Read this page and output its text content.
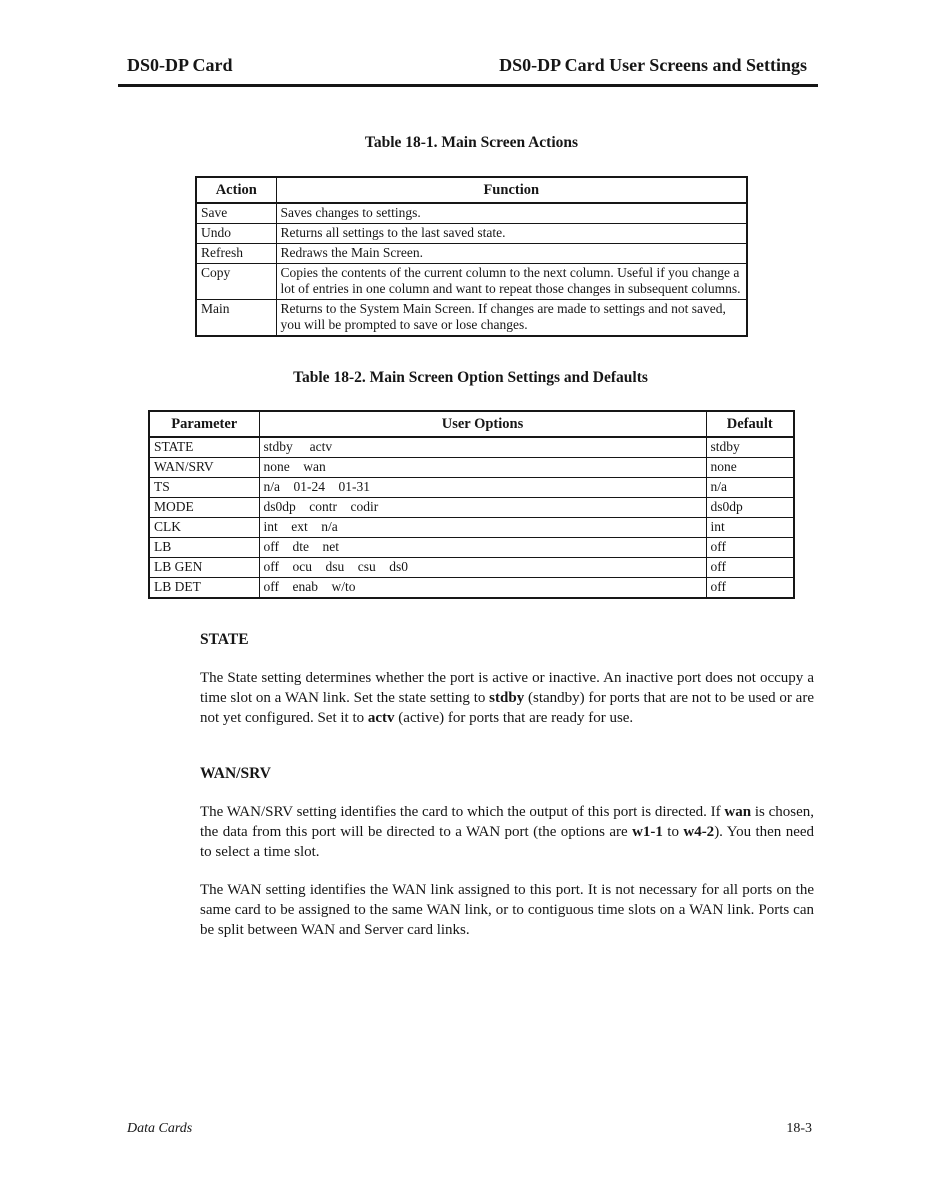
DS0-DP Card	DS0-DP Card User Screens and Settings
Table 18-1. Main Screen Actions
Action	Function
Save	Saves changes to settings.
Undo	Returns all settings to the last saved state.
Refresh	Redraws the Main Screen.
Copy	Copies the contents of the current column to the next column. Useful if you change a lot of entries in one column and want to repeat those changes in subsequent columns.
Main	Returns to the System Main Screen. If changes are made to settings and not saved, you will be prompted to save or lose changes.
Table 18-2. Main Screen Option Settings and Defaults
Parameter	User Options	Default
STATE	stdby     actv	stdby
WAN/SRV	none    wan	none
TS	n/a    01-24    01-31	n/a
MODE	ds0dp    contr    codir	ds0dp
CLK	int    ext    n/a	int
LB	off    dte    net	off
LB GEN	off    ocu    dsu    csu    ds0	off
LB DET	off    enab    w/to	off
STATE

The State setting determines whether the port is active or inactive. An inactive port does not occupy a time slot on a WAN link. Set the state setting to stdby (standby) for ports that are not to be used or are not yet configured. Set it to actv (active) for ports that are ready for use.

WAN/SRV

The WAN/SRV setting identifies the card to which the output of this port is directed. If wan is chosen, the data from this port will be directed to a WAN port (the options are w1-1 to w4-2). You then need to select a time slot.

The WAN setting identifies the WAN link assigned to this port. It is not necessary for all ports on the same card to be assigned to the same WAN link, or to contiguous time slots on a WAN link. Ports can be split between WAN and Server card links.

Data Cards	18-3
